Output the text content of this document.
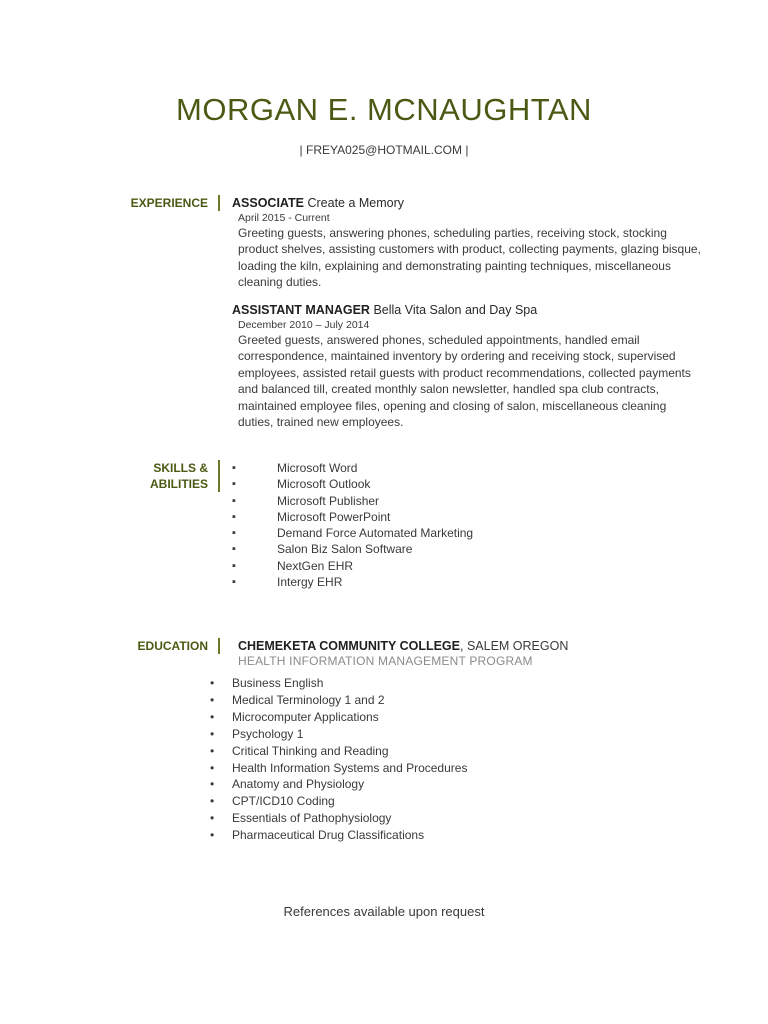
MORGAN E. MCNAUGHTAN

| FREYA025@HOTMAIL.COM |

EXPERIENCE	ASSOCIATE Create a Memory
April 2015 - Current
Greeting guests, answering phones, scheduling parties, receiving stock, stocking product shelves, assisting customers with product, collecting payments, glazing bisque, loading the kiln, explaining and demonstrating painting techniques, miscellaneous cleaning duties.
ASSISTANT MANAGER Bella Vita Salon and Day Spa
December 2010 – July 2014
Greeted guests, answered phones, scheduled appointments, handled email correspondence, maintained inventory by ordering and receiving stock, supervised employees, assisted retail guests with product recommendations, collected payments and balanced till, created monthly salon newsletter, handled spa club contracts, maintained employee files, opening and closing of salon, miscellaneous cleaning duties, trained new employees.
SKILLS &
ABILITIES
▪ Microsoft Word
▪ Microsoft Outlook
▪ Microsoft Publisher
▪ Microsoft PowerPoint
▪ Demand Force Automated Marketing
▪ Salon Biz Salon Software
▪ NextGen EHR
▪ Intergy EHR
EDUCATION	CHEMEKETA COMMUNITY COLLEGE, SALEM OREGON
HEALTH INFORMATION MANAGEMENT PROGRAM
• Business English
• Medical Terminology 1 and 2
• Microcomputer Applications
• Psychology 1
• Critical Thinking and Reading
• Health Information Systems and Procedures
• Anatomy and Physiology
• CPT/ICD10 Coding
• Essentials of Pathophysiology
• Pharmaceutical Drug Classifications
References available upon request
